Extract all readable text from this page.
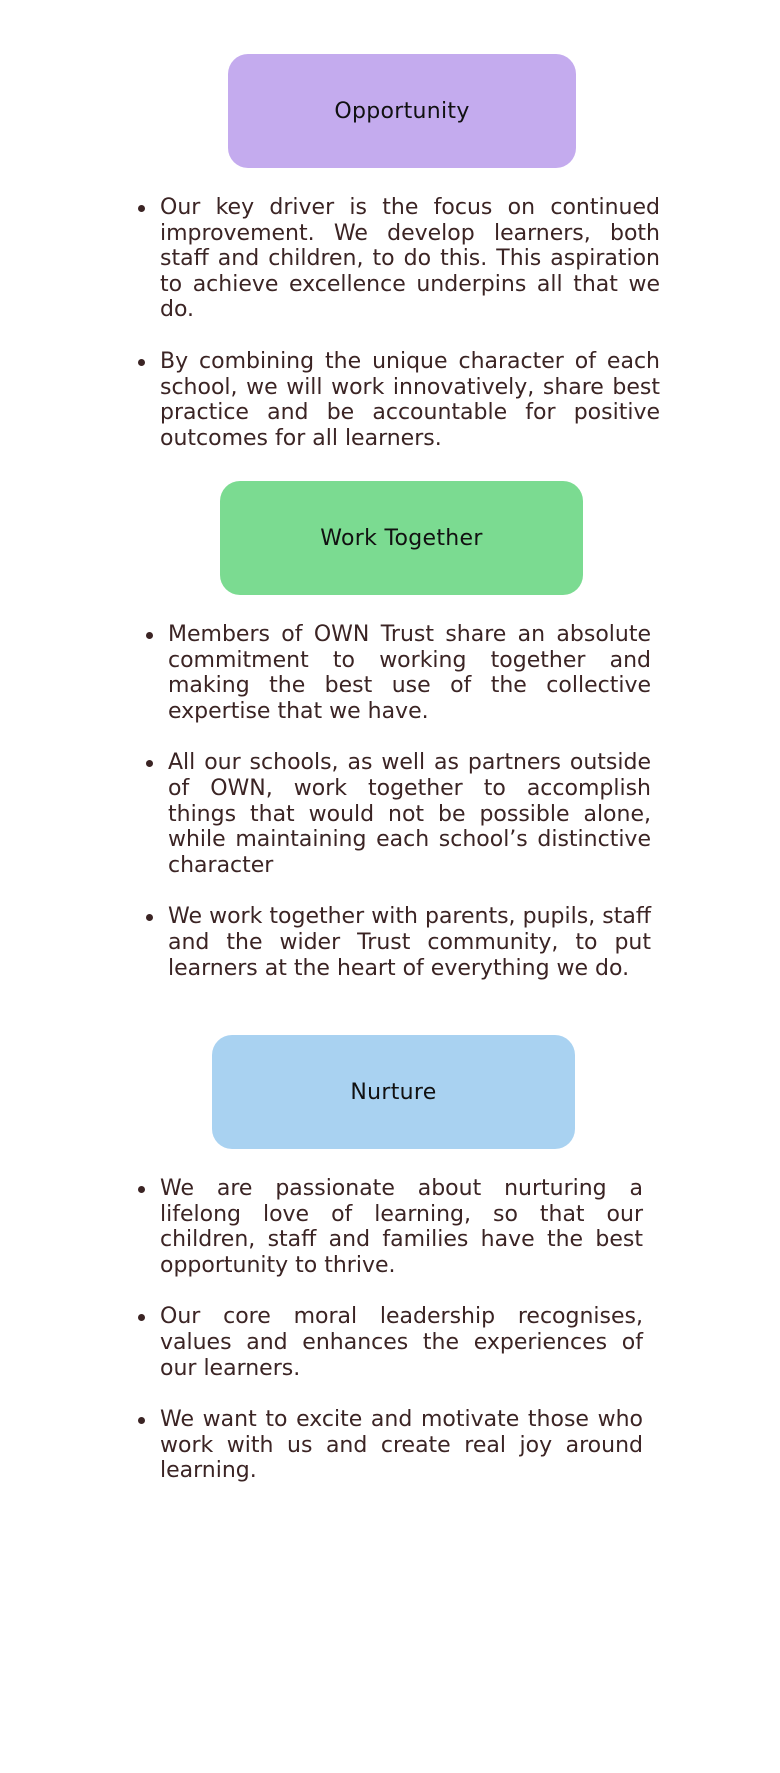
Opportunity
Our key driver is the focus on continued improvement. We develop learners, both staff and children, to do this. This aspiration to achieve excellence underpins all that we do.
By combining the unique character of each school, we will work innovatively, share best practice and be accountable for positive outcomes for all learners.
Work Together
Members of OWN Trust share an absolute commitment to working together and making the best use of the collective expertise that we have.
All our schools, as well as partners outside of OWN, work together to accomplish things that would not be possible alone, while maintaining each school’s distinctive character
We work together with parents, pupils, staff and the wider Trust community, to put learners at the heart of everything we do.
Nurture
We are passionate about nurturing a lifelong love of learning, so that our children, staff and families have the best opportunity to thrive.
Our core moral leadership recognises, values and enhances the experiences of our learners.
We want to excite and motivate those who work with us and create real joy around learning.
